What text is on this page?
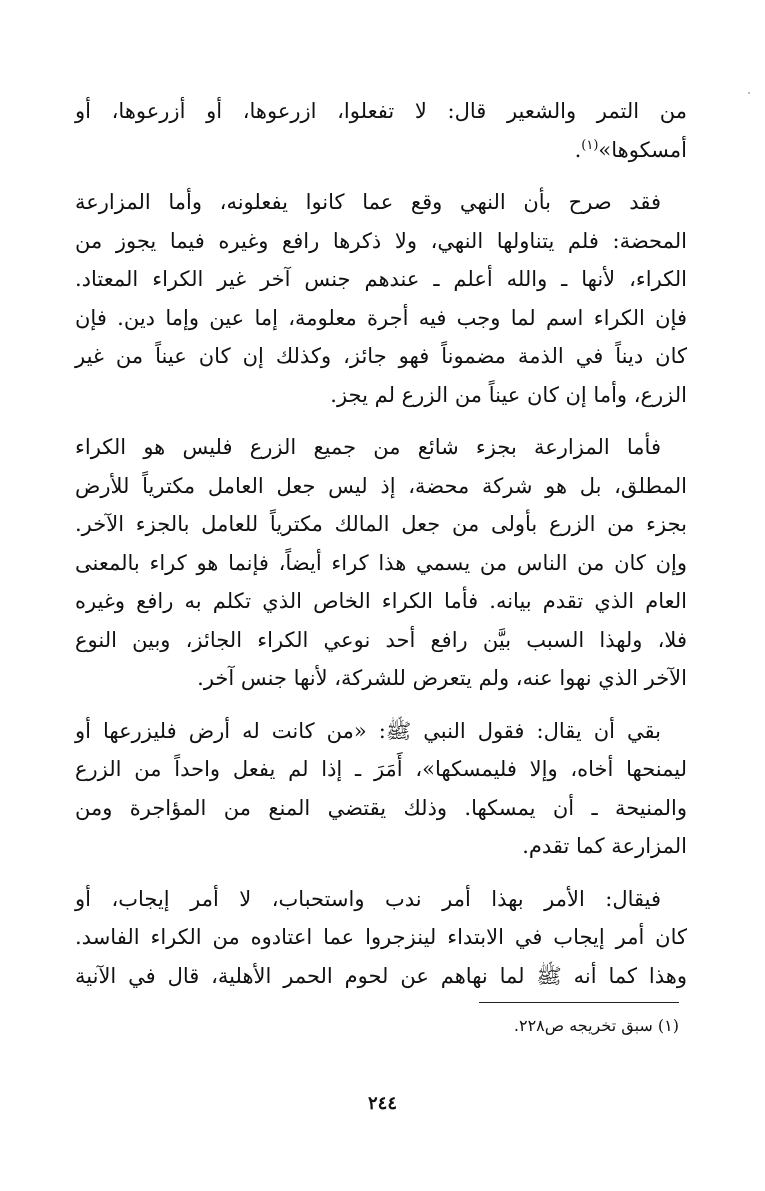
من التمر والشعير قال: لا تفعلوا، ازرعوها، أو أزرعوها، أو
أمسكوها»$^{(١)}$.

فقد صرح بأن النهي وقع عما كانوا يفعلونه، وأما المزارعة
المحضة: فلم يتناولها النهي، ولا ذكرها رافع وغيره فيما يجوز من
الكراء، لأنها ـ والله أعلم ـ عندهم جنس آخر غير الكراء المعتاد.
فإن الكراء اسم لما وجب فيه أجرة معلومة، إما عين وإما دين. فإن
كان ديناً في الذمة مضموناً فهو جائز، وكذلك إن كان عيناً من غير
الزرع، وأما إن كان عيناً من الزرع لم يجز.

فأما المزارعة بجزء شائع من جميع الزرع فليس هو الكراء
المطلق، بل هو شركة محضة، إذ ليس جعل العامل مكترياً للأرض
بجزء من الزرع بأولى من جعل المالك مكترياً للعامل بالجزء الآخر.
وإن كان من الناس من يسمي هذا كراء أيضاً، فإنما هو كراء بالمعنى
العام الذي تقدم بيانه. فأما الكراء الخاص الذي تكلم به رافع وغيره
فلا، ولهذا السبب بيَّن رافع أحد نوعي الكراء الجائز، وبين النوع
الآخر الذي نهوا عنه، ولم يتعرض للشركة، لأنها جنس آخر.

بقي أن يقال: فقول النبي ﷺ: «من كانت له أرض فليزرعها أو
ليمنحها أخاه، وإلا فليمسكها»، أَمَرَ ـ إذا لم يفعل واحداً من الزرع
والمنيحة ـ أن يمسكها. وذلك يقتضي المنع من المؤاجرة ومن
المزارعة كما تقدم.

فيقال: الأمر بهذا أمر ندب واستحباب، لا أمر إيجاب، أو
كان أمر إيجاب في الابتداء لينزجروا عما اعتادوه من الكراء الفاسد.
وهذا كما أنه ﷺ لما نهاهم عن لحوم الحمر الأهلية، قال في الآنية

(١) سبق تخريجه ص٢٢٨.
٢٤٤
